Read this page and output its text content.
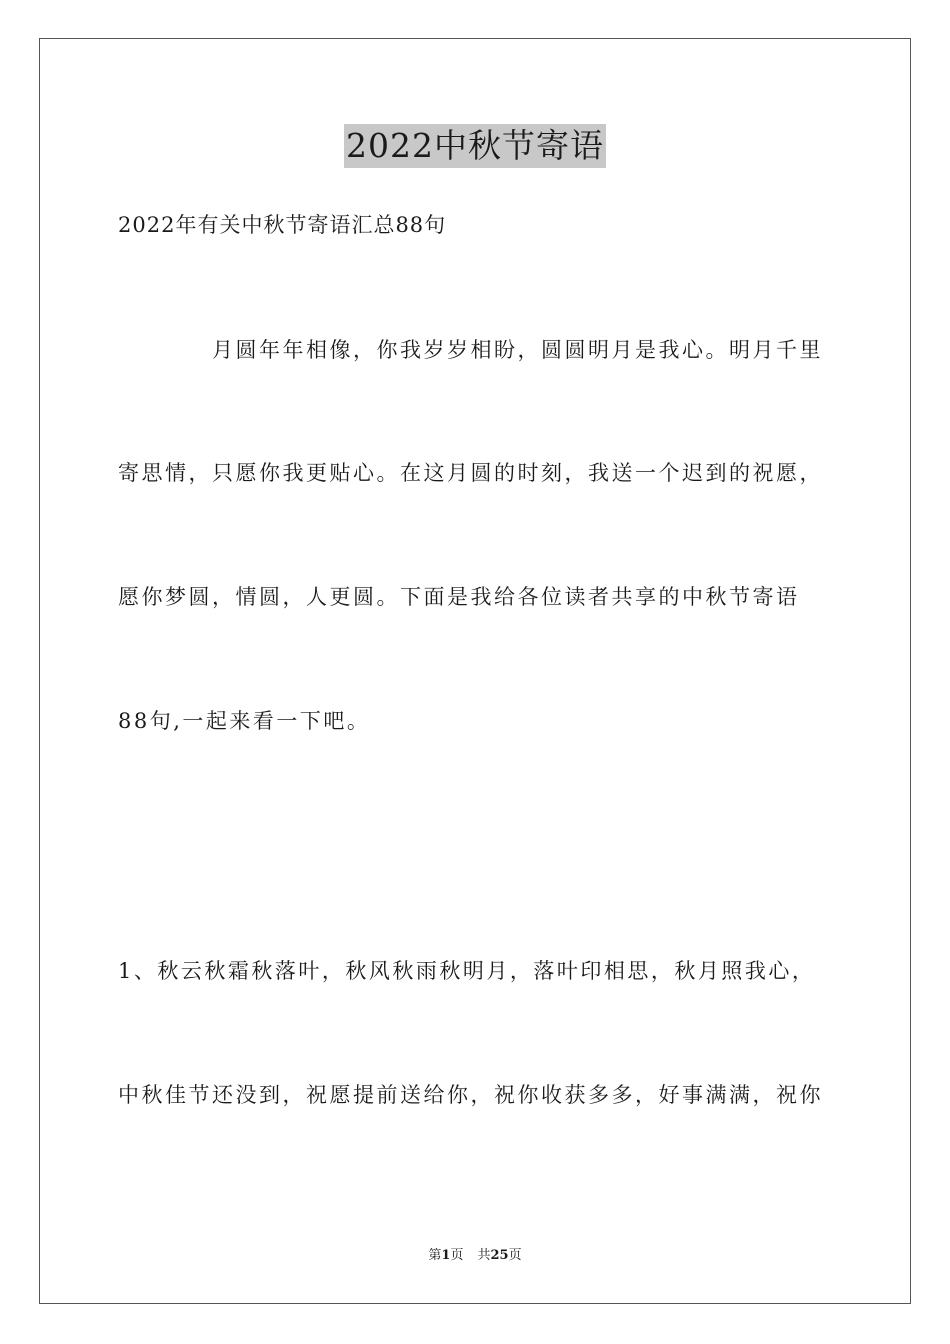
2022中秋节寄语

2022年有关中秋节寄语汇总88句

月圆年年相像，你我岁岁相盼，圆圆明月是我心。明月千里

寄思情，只愿你我更贴心。在这月圆的时刻，我送一个迟到的祝愿，

愿你梦圆，情圆，人更圆。下面是我给各位读者共享的中秋节寄语

88句,一起来看一下吧。

1、秋云秋霜秋落叶，秋风秋雨秋明月，落叶印相思，秋月照我心，

中秋佳节还没到，祝愿提前送给你，祝你收获多多，好事满满，祝你

第1页 共25页
